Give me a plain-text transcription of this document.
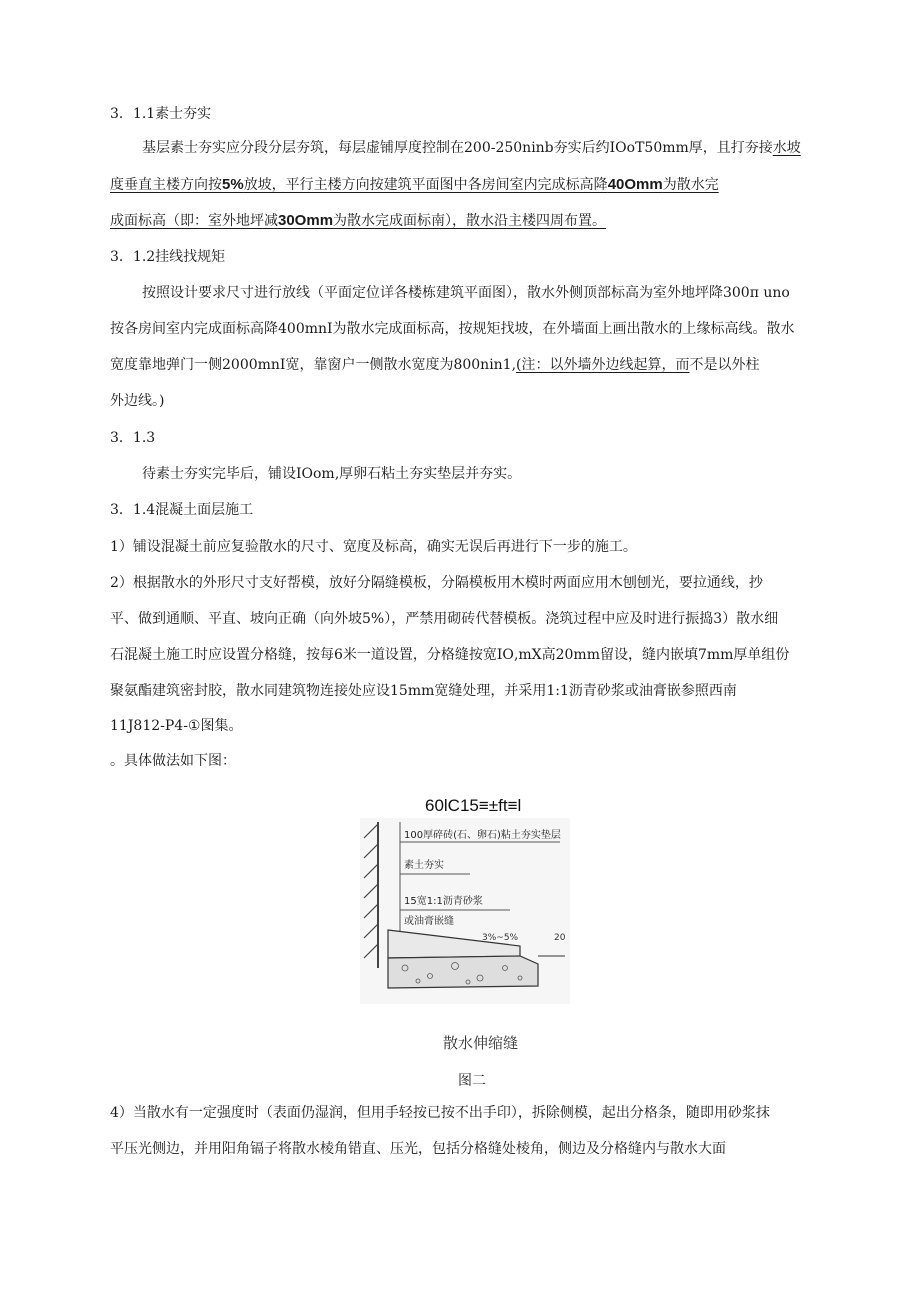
3．1.1素士夯实
基层素士夯实应分段分层夯筑，每层虚铺厚度控制在200-250ninb夯实后约IOoT50mm厚，且打夯接水坡
度垂直主楼方向按5%放坡，平行主楼方向按建筑平面图中各房间室内完成标高降40Omm为散水完
成面标高（即：室外地坪减30Omm为散水完成面标南），散水沿主楼四周布置。
3．1.2挂线找规矩
按照设计要求尺寸进行放线（平面定位详各楼栋建筑平面图），散水外侧顶部标高为室外地坪降300π uno
按各房间室内完成面标高降400mnI为散水完成面标高，按规矩找坡，在外墙面上画出散水的上缘标高线。散水
宽度靠地弹门一侧2000mnI宽，靠窗户一侧散水宽度为800nin1,(注：以外墙外边线起算，而不是以外柱
外边线。)
3．1.3
待素士夯实完毕后，铺设IOom‚厚卵石粘土夯实垫层并夯实。
3．1.4混凝土面层施工
1）铺设混凝土前应复验散水的尺寸、宽度及标高，确实无误后再进行下一步的施工。
2）根据散水的外形尺寸支好帮模，放好分隔缝模板，分隔模板用木模时两面应用木刨刨光，要拉通线，抄
平、做到通顺、平直、坡向正确（向外坡5%），严禁用砌砖代替模板。浇筑过程中应及时进行振捣3）散水细
石混凝土施工时应设置分格缝，按每6米一道设置，分格缝按宽IO‚mX高20mm留设，缝内嵌填7mm厚单组份
聚氨酯建筑密封胶，散水同建筑物连接处应设15mm宽缝处理，并采用1:1沥青砂浆或油膏嵌参照西南
11J812-P4-①图集。
。具体做法如下图：
60lC15≡±ft≡l
100厚碎砖(石、卵石)粘土夯实垫层
素土夯实
15宽1:1沥青砂浆
或油膏嵌缝
3%~5%	20
散水伸缩缝
图二
4）当散水有一定强度时（表面仍湿润，但用手轻按已按不出手印），拆除侧模，起出分格条，随即用砂浆抹
平压光侧边，并用阳角镉子将散水棱角错直、压光，包括分格缝处棱角，侧边及分格缝内与散水大面
